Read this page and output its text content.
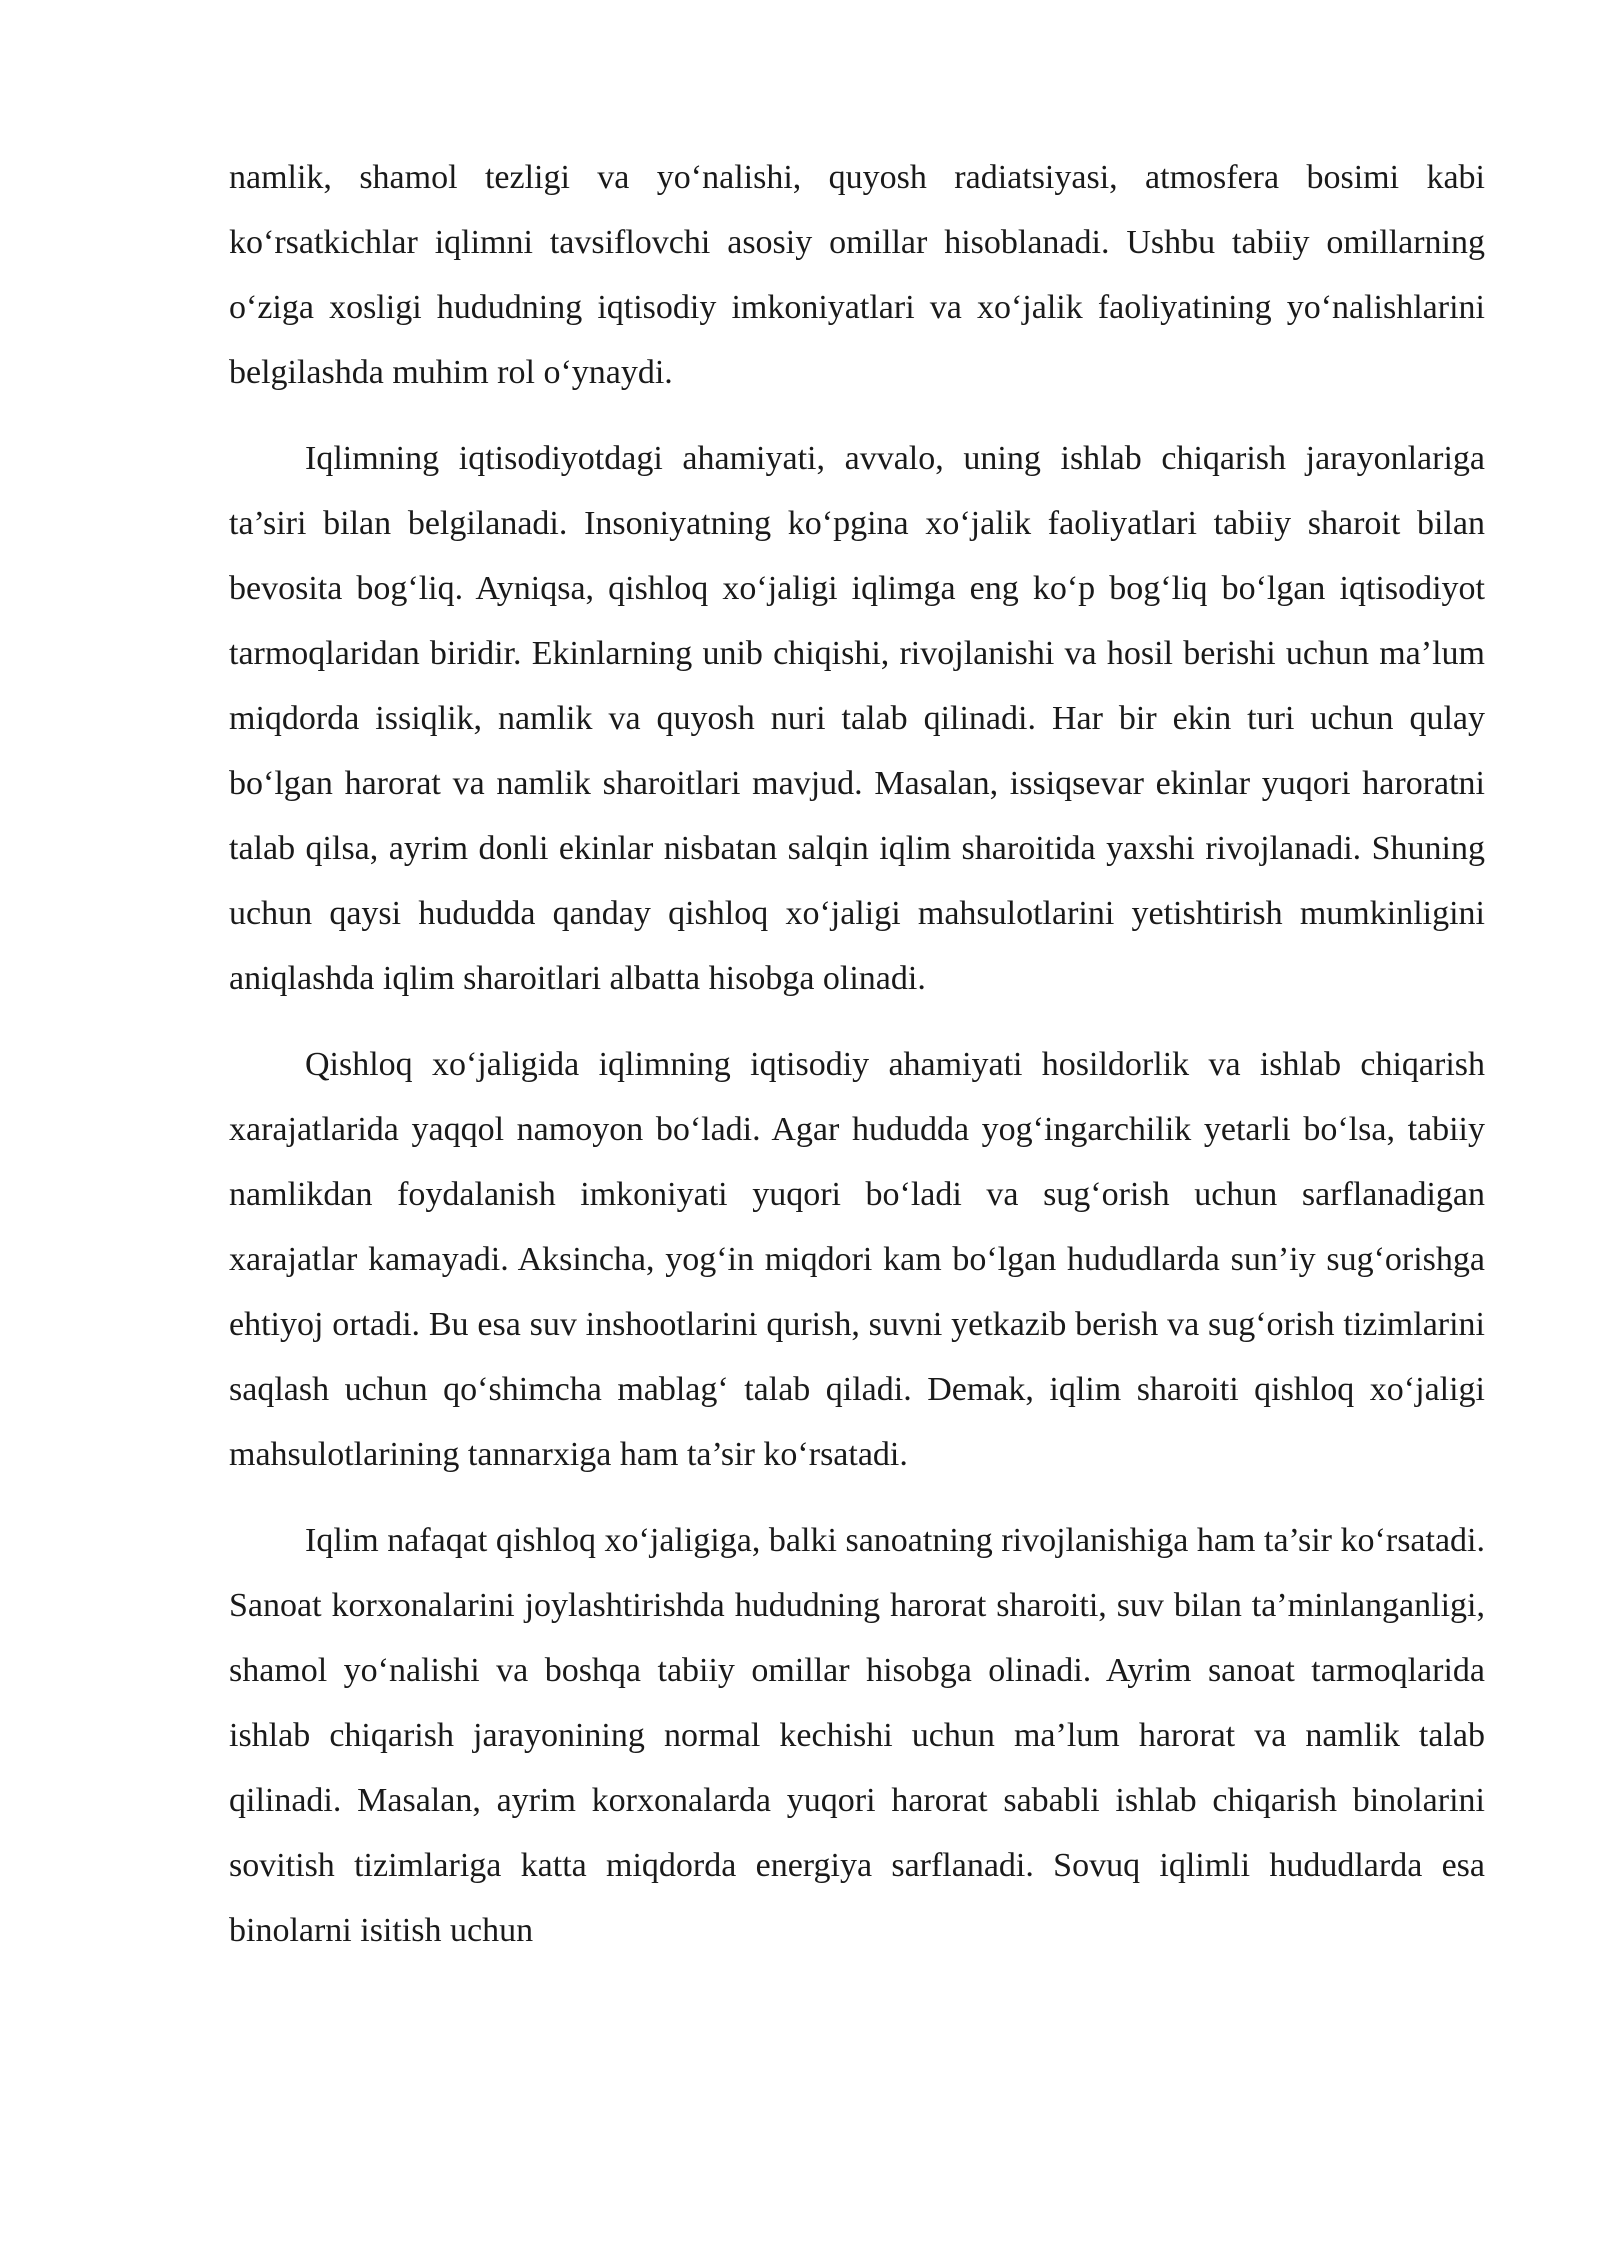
namlik, shamol tezligi va yo‘nalishi, quyosh radiatsiyasi, atmosfera bosimi kabi ko‘rsatkichlar iqlimni tavsiflovchi asosiy omillar hisoblanadi. Ushbu tabiiy omillarning o‘ziga xosligi hududning iqtisodiy imkoniyatlari va xo‘jalik faoliyatining yo‘nalishlarini belgilashda muhim rol o‘ynaydi.

Iqlimning iqtisodiyotdagi ahamiyati, avvalo, uning ishlab chiqarish jarayonlariga ta’siri bilan belgilanadi. Insoniyatning ko‘pgina xo‘jalik faoliyatlari tabiiy sharoit bilan bevosita bog‘liq. Ayniqsa, qishloq xo‘jaligi iqlimga eng ko‘p bog‘liq bo‘lgan iqtisodiyot tarmoqlaridan biridir. Ekinlarning unib chiqishi, rivojlanishi va hosil berishi uchun ma’lum miqdorda issiqlik, namlik va quyosh nuri talab qilinadi. Har bir ekin turi uchun qulay bo‘lgan harorat va namlik sharoitlari mavjud. Masalan, issiqsevar ekinlar yuqori haroratni talab qilsa, ayrim donli ekinlar nisbatan salqin iqlim sharoitida yaxshi rivojlanadi. Shuning uchun qaysi hududda qanday qishloq xo‘jaligi mahsulotlarini yetishtirish mumkinligini aniqlashda iqlim sharoitlari albatta hisobga olinadi.

Qishloq xo‘jaligida iqlimning iqtisodiy ahamiyati hosildorlik va ishlab chiqarish xarajatlarida yaqqol namoyon bo‘ladi. Agar hududda yog‘ingarchilik yetarli bo‘lsa, tabiiy namlikdan foydalanish imkoniyati yuqori bo‘ladi va sug‘orish uchun sarflanadigan xarajatlar kamayadi. Aksincha, yog‘in miqdori kam bo‘lgan hududlarda sun’iy sug‘orishga ehtiyoj ortadi. Bu esa suv inshootlarini qurish, suvni yetkazib berish va sug‘orish tizimlarini saqlash uchun qo‘shimcha mablag‘ talab qiladi. Demak, iqlim sharoiti qishloq xo‘jaligi mahsulotlarining tannarxiga ham ta’sir ko‘rsatadi.

Iqlim nafaqat qishloq xo‘jaligiga, balki sanoatning rivojlanishiga ham ta’sir ko‘rsatadi. Sanoat korxonalarini joylashtirishda hududning harorat sharoiti, suv bilan ta’minlanganligi, shamol yo‘nalishi va boshqa tabiiy omillar hisobga olinadi. Ayrim sanoat tarmoqlarida ishlab chiqarish jarayonining normal kechishi uchun ma’lum harorat va namlik talab qilinadi. Masalan, ayrim korxonalarda yuqori harorat sababli ishlab chiqarish binolarini sovitish tizimlariga katta miqdorda energiya sarflanadi. Sovuq iqlimli hududlarda esa binolarni isitish uchun
